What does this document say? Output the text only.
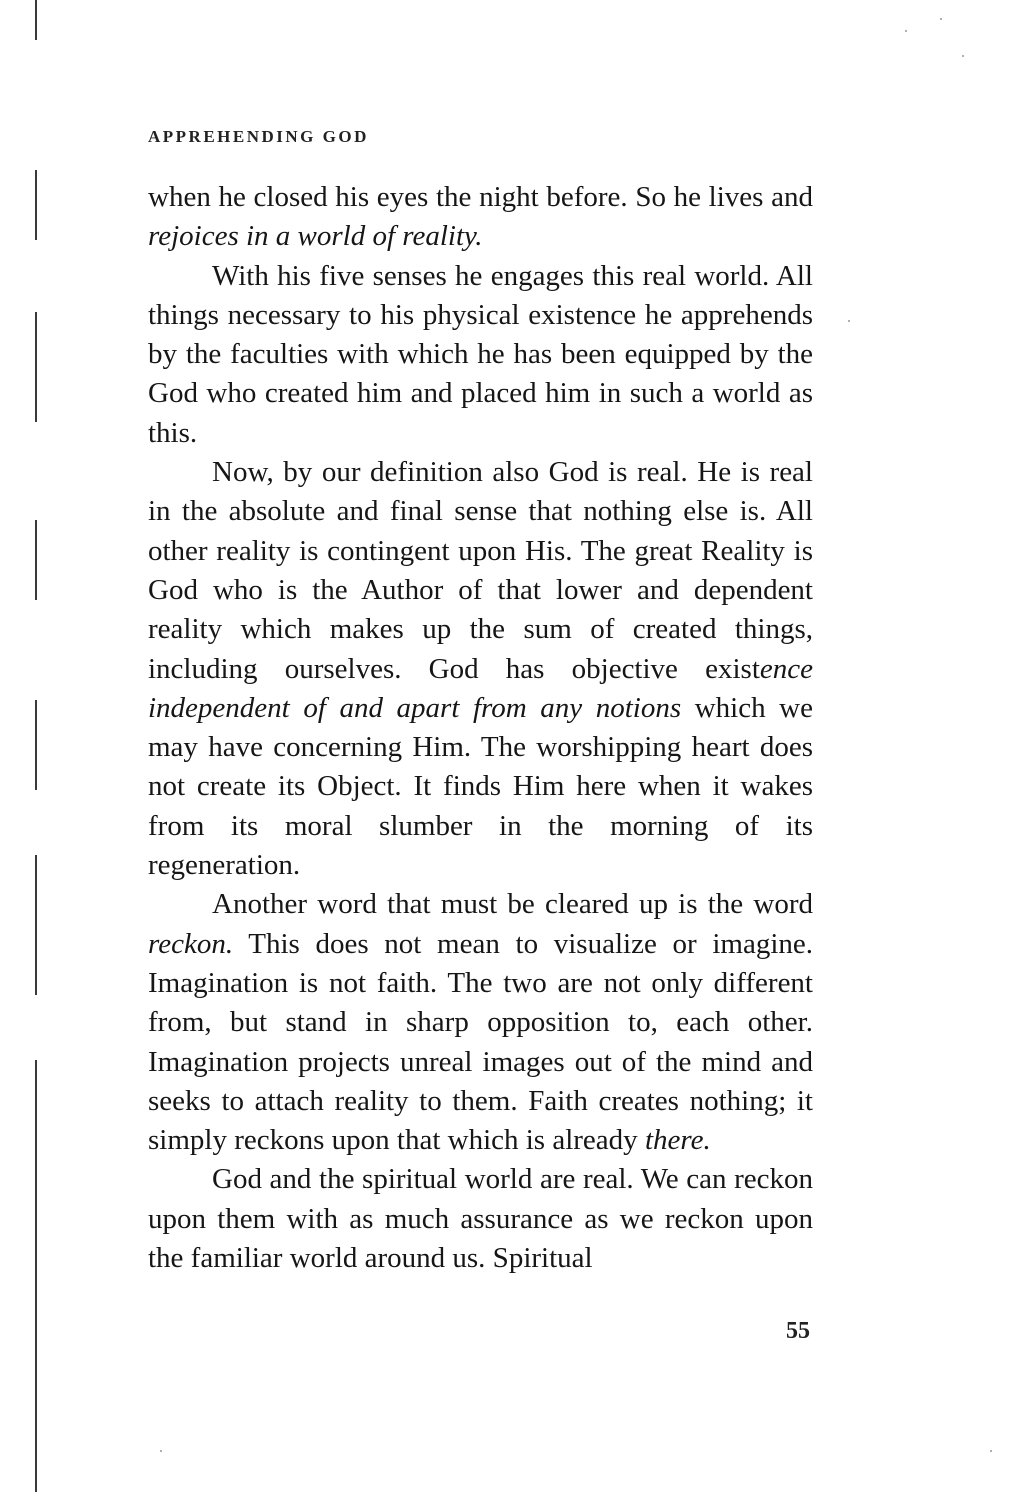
APPREHENDING GOD

when he closed his eyes the night before. So he lives and rejoices in a world of reality.

With his five senses he engages this real world. All things necessary to his physical existence he apprehends by the faculties with which he has been equipped by the God who created him and placed him in such a world as this.

Now, by our definition also God is real. He is real in the absolute and final sense that nothing else is. All other reality is contingent upon His. The great Reality is God who is the Author of that lower and dependent reality which makes up the sum of created things, including ourselves. God has objective existence independent of and apart from any notions which we may have concerning Him. The worshipping heart does not create its Object. It finds Him here when it wakes from its moral slumber in the morning of its regeneration.

Another word that must be cleared up is the word reckon. This does not mean to visualize or imagine. Imagination is not faith. The two are not only different from, but stand in sharp opposition to, each other. Imagination projects unreal images out of the mind and seeks to attach reality to them. Faith creates nothing; it simply reckons upon that which is already there.

God and the spiritual world are real. We can reckon upon them with as much assurance as we reckon upon the familiar world around us. Spiritual

55
